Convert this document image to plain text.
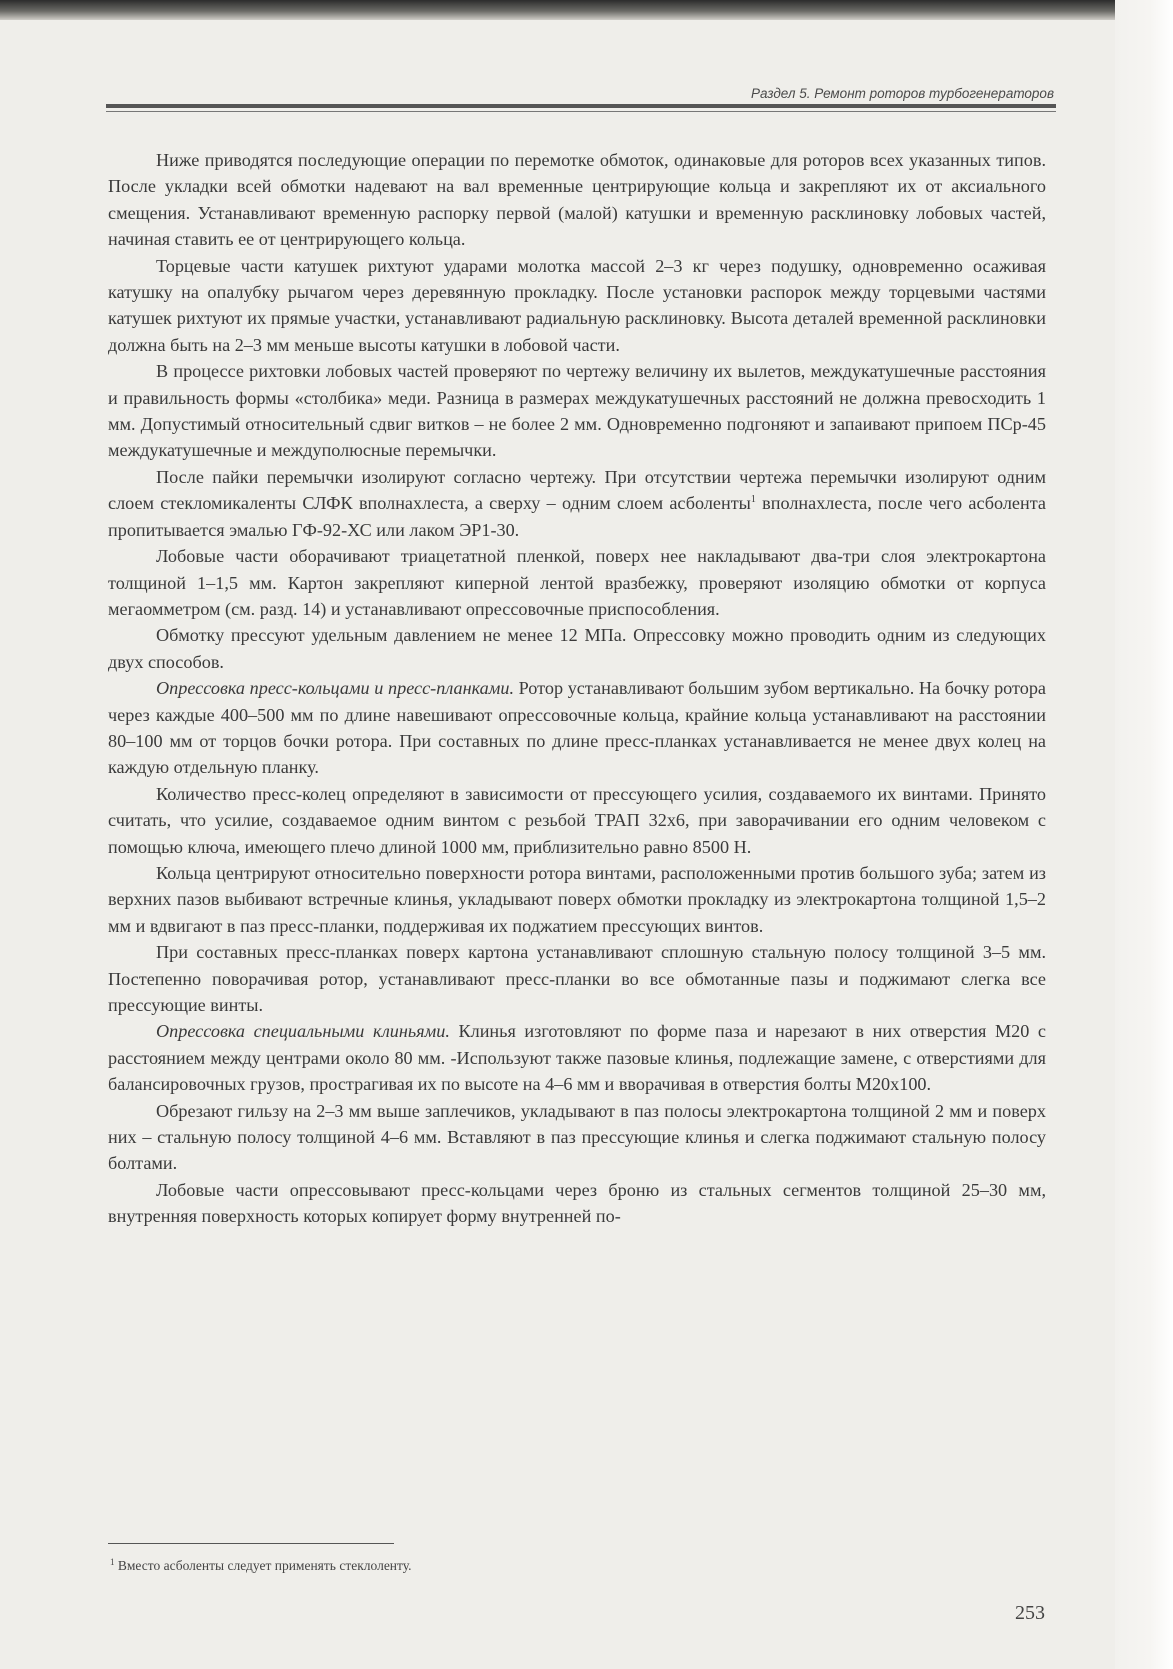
Раздел 5. Ремонт роторов турбогенераторов

Ниже приводятся последующие операции по перемотке обмоток, одинаковые для роторов всех указанных типов. После укладки всей обмотки надевают на вал временные центрирующие кольца и закрепляют их от аксиального смещения. Устанавливают временную распорку первой (малой) катушки и временную расклиновку лобовых частей, начиная ставить ее от центрирующего кольца.

Торцевые части катушек рихтуют ударами молотка массой 2–3 кг через подушку, одновременно осаживая катушку на опалубку рычагом через деревянную прокладку. После установки распорок между торцевыми частями катушек рихтуют их прямые участки, устанавливают радиальную расклиновку. Высота деталей временной расклиновки должна быть на 2–3 мм меньше высоты катушки в лобовой части.

В процессе рихтовки лобовых частей проверяют по чертежу величину их вылетов, междукатушечные расстояния и правильность формы «столбика» меди. Разница в размерах междукатушечных расстояний не должна превосходить 1 мм. Допустимый относительный сдвиг витков – не более 2 мм. Одновременно подгоняют и запаивают припоем ПСр-45 междукатушечные и междуполюсные перемычки.

После пайки перемычки изолируют согласно чертежу. При отсутствии чертежа перемычки изолируют одним слоем стекломикаленты СЛФК вполнахлеста, а сверху – одним слоем асболенты$^1$ вполнахлеста, после чего асболента пропитывается эмалью ГФ-92-ХС или лаком ЭР1-30.

Лобовые части оборачивают триацетатной пленкой, поверх нее накладывают два-три слоя электрокартона толщиной 1–1,5 мм. Картон закрепляют киперной лентой вразбежку, проверяют изоляцию обмотки от корпуса мегаомметром (см. разд. 14) и устанавливают опрессовочные приспособления.

Обмотку прессуют удельным давлением не менее 12 МПа. Опрессовку можно проводить одним из следующих двух способов.

Опрессовка пресс-кольцами и пресс-планками. Ротор устанавливают большим зубом вертикально. На бочку ротора через каждые 400–500 мм по длине навешивают опрессовочные кольца, крайние кольца устанавливают на расстоянии 80–100 мм от торцов бочки ротора. При составных по длине пресс-планках устанавливается не менее двух колец на каждую отдельную планку.

Количество пресс-колец определяют в зависимости от прессующего усилия, создаваемого их винтами. Принято считать, что усилие, создаваемое одним винтом с резьбой ТРАП 32х6, при заворачивании его одним человеком с помощью ключа, имеющего плечо длиной 1000 мм, приблизительно равно 8500 Н.

Кольца центрируют относительно поверхности ротора винтами, расположенными против большого зуба; затем из верхних пазов выбивают встречные клинья, укладывают поверх обмотки прокладку из электрокартона толщиной 1,5–2 мм и вдвигают в паз пресс-планки, поддерживая их поджатием прессующих винтов.

При составных пресс-планках поверх картона устанавливают сплошную стальную полосу толщиной 3–5 мм. Постепенно поворачивая ротор, устанавливают пресс-планки во все обмотанные пазы и поджимают слегка все прессующие винты.

Опрессовка специальными клиньями. Клинья изготовляют по форме паза и нарезают в них отверстия М20 с расстоянием между центрами около 80 мм. -Используют также пазовые клинья, подлежащие замене, с отверстиями для балансировочных грузов, прострагивая их по высоте на 4–6 мм и вворачивая в отверстия болты М20х100.

Обрезают гильзу на 2–3 мм выше заплечиков, укладывают в паз полосы электрокартона толщиной 2 мм и поверх них – стальную полосу толщиной 4–6 мм. Вставляют в паз прессующие клинья и слегка поджимают стальную полосу болтами.

Лобовые части опрессовывают пресс-кольцами через броню из стальных сегментов толщиной 25–30 мм, внутренняя поверхность которых копирует форму внутренней по-

$^1$ Вместо асболенты следует применять стеклоленту.
253
